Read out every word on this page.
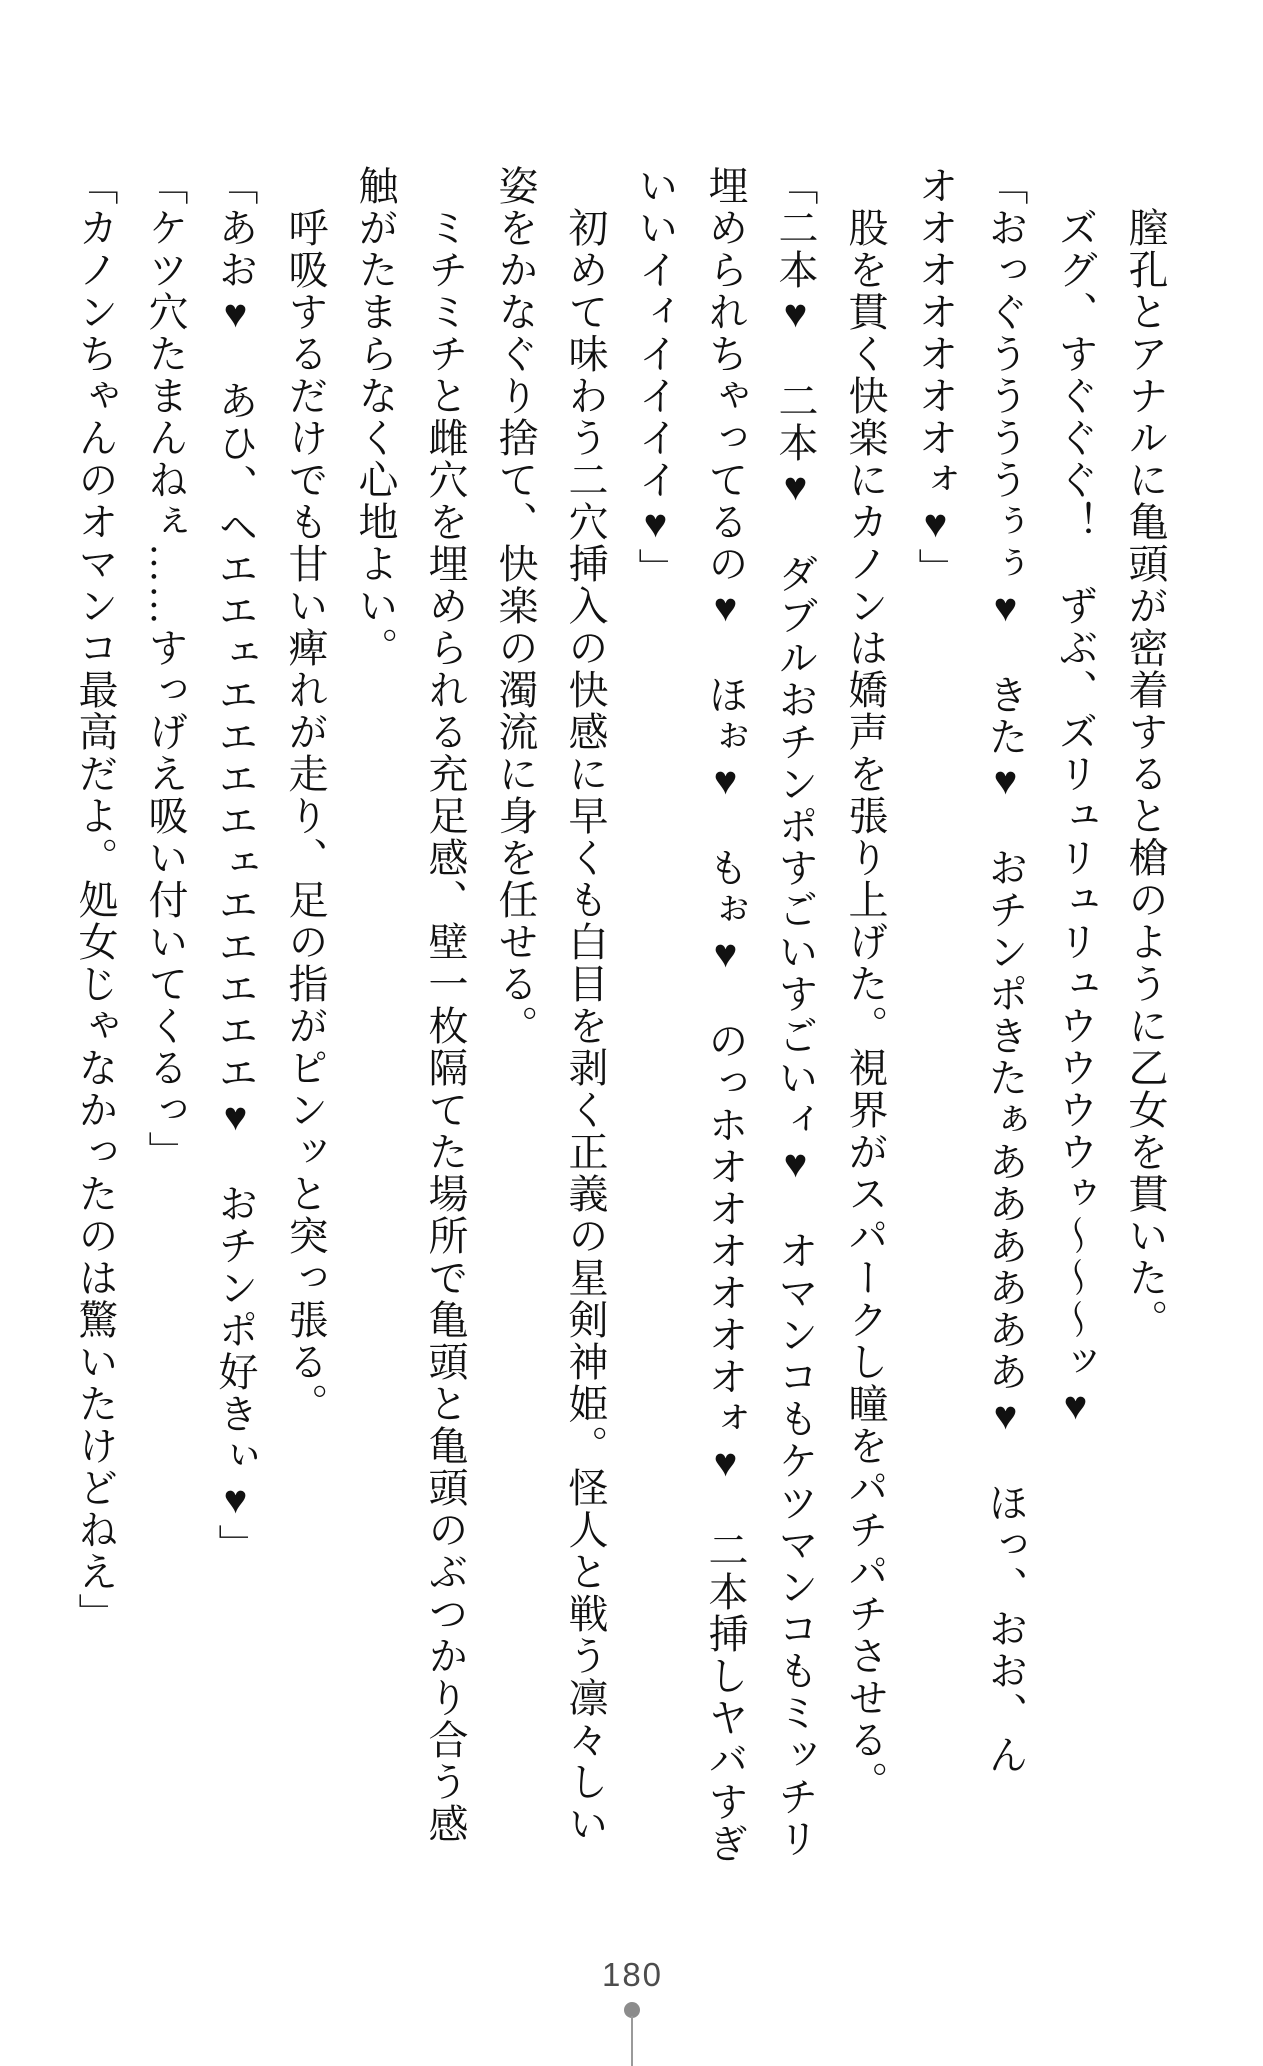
　膣孔とアナルに亀頭が密着すると槍のように乙女を貫いた。

　ズグ、すぐぐぐ！　ずぶ、ズリュリュリュウウウウゥ～～～ッ♥

「おっぐううううぅぅ♥　きた♥　おチンポきたぁああああああ♥　ほっ、おお、ん

オオオオオオオォ♥」

　股を貫く快楽にカノンは嬌声を張り上げた。視界がスパークし瞳をパチパチさせる。

「二本♥　二本♥　ダブルおチンポすごいすごいィ♥　オマンコもケツマンコもミッチリ

埋められちゃってるの♥　ほぉ♥　もぉ♥　のっホオオオオオオォ♥　二本挿しヤバすぎ

いいイィイイイイ♥」

　初めて味わう二穴挿入の快感に早くも白目を剥く正義の星剣神姫。怪人と戦う凛々しい

姿をかなぐり捨て、快楽の濁流に身を任せる。

　ミチミチと雌穴を埋められる充足感、壁一枚隔てた場所で亀頭と亀頭のぶつかり合う感

触がたまらなく心地よい。

　呼吸するだけでも甘い痺れが走り、足の指がピンッと突っ張る。

「あお♥　あひ、ヘエエェエエエエェエエエエエ♥　おチンポ好きぃ♥」

「ケツ穴たまんねぇ……すっげえ吸い付いてくるっ」

「カノンちゃんのオマンコ最高だよ。処女じゃなかったのは驚いたけどねえ」

180
